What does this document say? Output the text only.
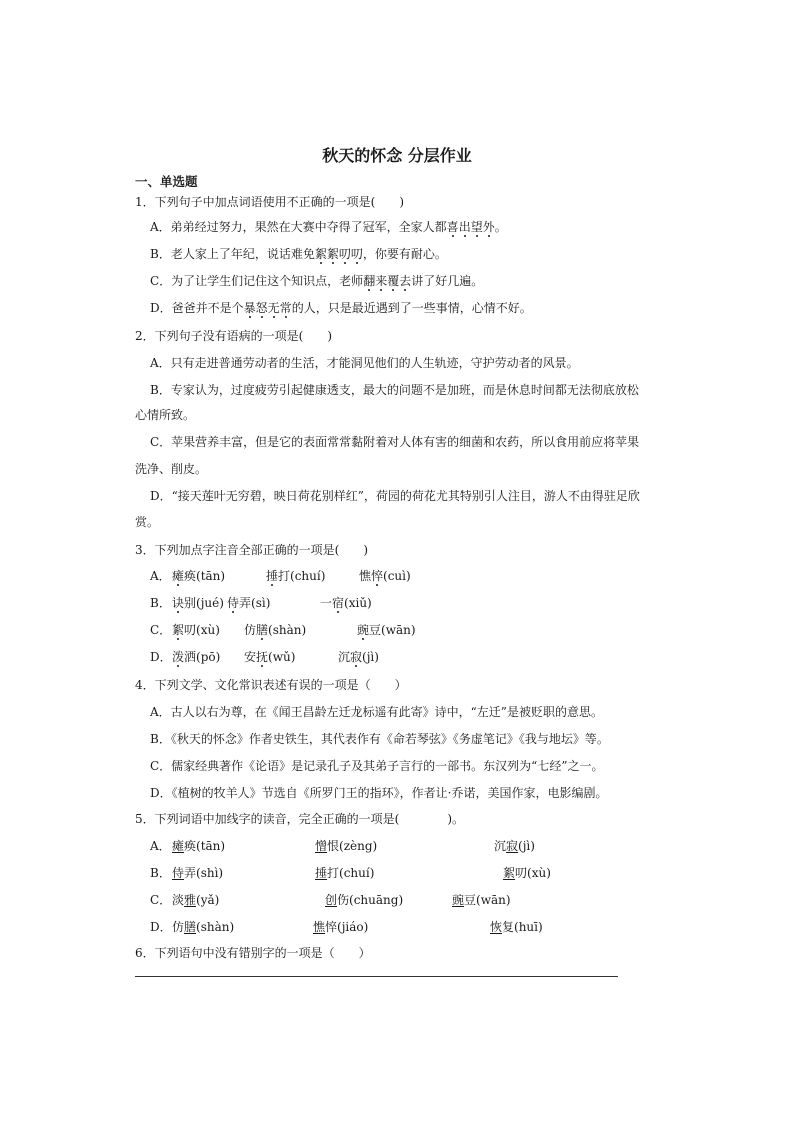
秋天的怀念 分层作业
一、单选题
1．下列句子中加点词语使用不正确的一项是(　　)
A．弟弟经过努力，果然在大赛中夺得了冠军，全家人都喜出望外。
B．老人家上了年纪，说话难免絮絮叨叨，你要有耐心。
C．为了让学生们记住这个知识点，老师翻来覆去讲了好几遍。
D．爸爸并不是个暴怒无常的人，只是最近遇到了一些事情，心情不好。
2．下列句子没有语病的一项是(　　)
A．只有走进普通劳动者的生活，才能洞见他们的人生轨迹，守护劳动者的风景。
B．专家认为，过度疲劳引起健康透支，最大的问题不是加班，而是休息时间都无法彻底放松
心情所致。
C．苹果营养丰富，但是它的表面常常黏附着对人体有害的细菌和农药，所以食用前应将苹果
洗净、削皮。
D．“接天莲叶无穷碧，映日荷花别样红”，荷园的荷花尤其特别引人注目，游人不由得驻足欣
赏。
3．下列加点字注音全部正确的一项是(　　)
A． 瘫痪(tān)	捶打(chuí)	憔悴(cuì)
B． 诀别(jué) 侍弄(sì)	一宿(xiǔ)
C． 絮叨(xù) 仿膳(shàn)	豌豆(wān)
D． 泼洒(pō) 安抚(wǔ)	沉寂(jì)
4．下列文学、文化常识表述有误的一项是（　　）
A．古人以右为尊，在《闻王昌龄左迁龙标遥有此寄》诗中，“左迁”是被贬职的意思。
B．《秋天的怀念》作者史铁生，其代表作有《命若琴弦》《务虚笔记》《我与地坛》等。
C．儒家经典著作《论语》是记录孔子及其弟子言行的一部书。东汉列为“七经”之一。
D．《植树的牧羊人》节选自《所罗门王的指环》，作者让·乔诺，美国作家，电影编剧。
5．下列词语中加线字的读音，完全正确的一项是(　　　　)。
A． 瘫痪(tān)	憎恨(zèng)	沉寂(jì)
B． 侍弄(shì)	捶打(chuí)	絮叨(xù)
C． 淡雅(yǎ)	创伤(chuāng)	豌豆(wān)
D． 仿膳(shàn)	憔悴(jiáo)	恢复(huī)
6．下列语句中没有错别字的一项是（　　）
